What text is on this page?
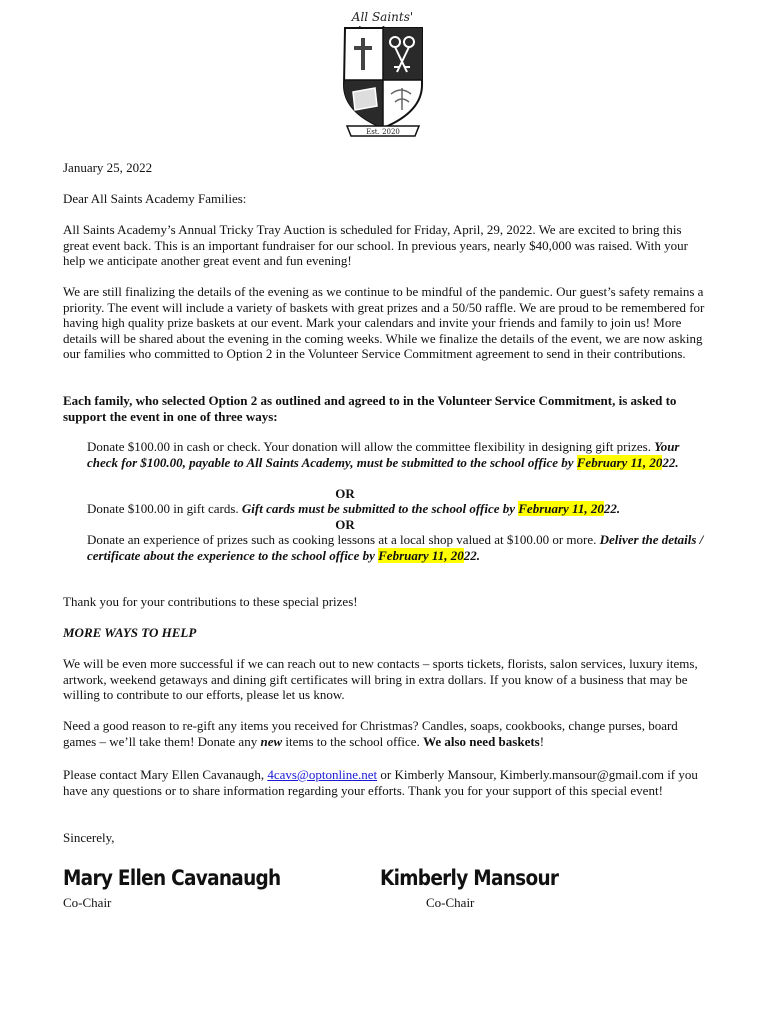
All Saints'
Est. 2020
January 25, 2022
Dear All Saints Academy Families:
All Saints Academy’s Annual Tricky Tray Auction is scheduled for Friday, April, 29, 2022. We are excited to bring this great event back. This is an important fundraiser for our school. In previous years, nearly $40,000 was raised. With your help we anticipate another great event and fun evening!
We are still finalizing the details of the evening as we continue to be mindful of the pandemic. Our guest’s safety remains a priority. The event will include a variety of baskets with great prizes and a 50/50 raffle. We are proud to be remembered for having high quality prize baskets at our event. Mark your calendars and invite your friends and family to join us! More details will be shared about the evening in the coming weeks. While we finalize the details of the event, we are now asking our families who committed to Option 2 in the Volunteer Service Commitment agreement to send in their contributions.
Each family, who selected Option 2 as outlined and agreed to in the Volunteer Service Commitment, is asked to support the event in one of three ways:
Donate $100.00 in cash or check. Your donation will allow the committee flexibility in designing gift prizes. Your check for $100.00, payable to All Saints Academy, must be submitted to the school office by February 11, 2022.
OR
Donate $100.00 in gift cards. Gift cards must be submitted to the school office by February 11, 2022.
OR
Donate an experience of prizes such as cooking lessons at a local shop valued at $100.00 or more. Deliver the details / certificate about the experience to the school office by February 11, 2022.
Thank you for your contributions to these special prizes!
MORE WAYS TO HELP
We will be even more successful if we can reach out to new contacts – sports tickets, florists, salon services, luxury items, artwork, weekend getaways and dining gift certificates will bring in extra dollars. If you know of a business that may be willing to contribute to our efforts, please let us know.
Need a good reason to re-gift any items you received for Christmas? Candles, soaps, cookbooks, change purses, board games – we’ll take them! Donate any new items to the school office. We also need baskets!
Please contact Mary Ellen Cavanaugh, 4cavs@optonline.net or Kimberly Mansour, Kimberly.mansour@gmail.com if you have any questions or to share information regarding your efforts. Thank you for your support of this special event!
Sincerely,
Mary Ellen Cavanaugh	Kimberly Mansour
Co-Chair	Co-Chair
